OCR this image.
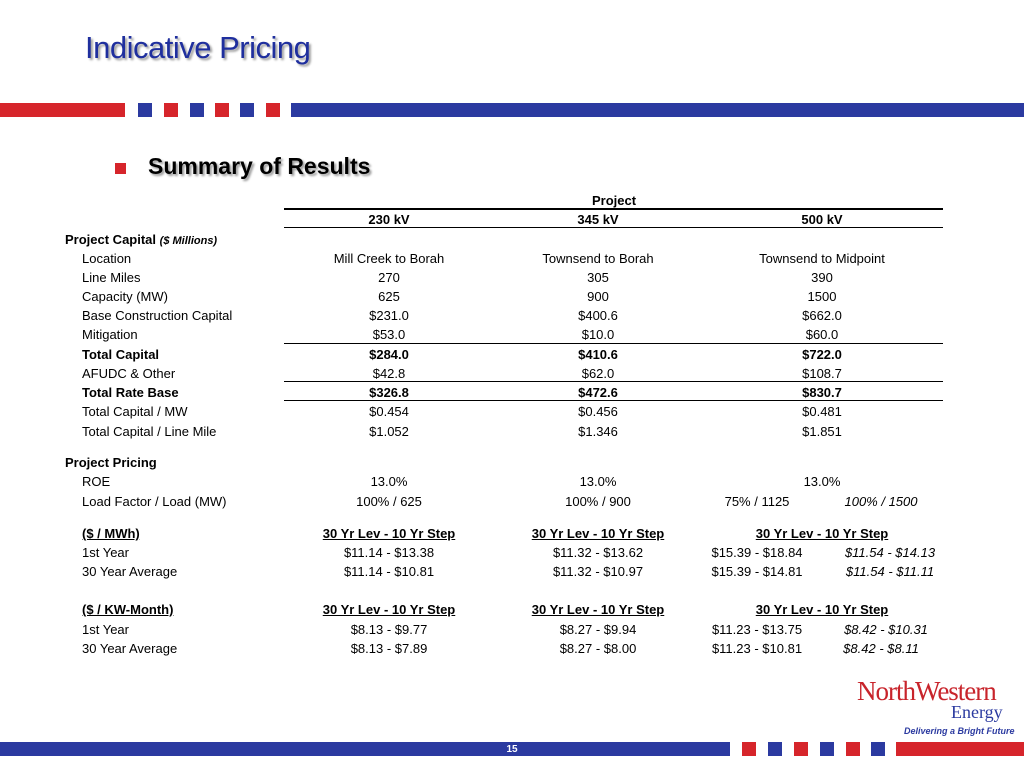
Indicative Pricing
Summary of Results
Project
230 kV	345 kV	500 kV
Project Capital ($ Millions)
Location	Mill Creek to Borah	Townsend to Borah	Townsend to Midpoint
Line Miles	270	305	390
Capacity (MW)	625	900	1500
Base Construction Capital	$231.0	$400.6	$662.0
Mitigation	$53.0	$10.0	$60.0
Total Capital	$284.0	$410.6	$722.0
AFUDC & Other	$42.8	$62.0	$108.7
Total Rate Base	$326.8	$472.6	$830.7
Total Capital / MW	$0.454	$0.456	$0.481
Total Capital / Line Mile	$1.052	$1.346	$1.851
Project Pricing
ROE	13.0%	13.0%	13.0%
Load Factor / Load (MW)	100% / 625	100% / 900	75% / 1125	100% / 1500
($ / MWh)	30 Yr Lev - 10 Yr Step	30 Yr Lev - 10 Yr Step	30 Yr Lev - 10 Yr Step
1st Year	$11.14 - $13.38	$11.32 - $13.62	$15.39 - $18.84	$11.54 - $14.13
30 Year Average	$11.14 - $10.81	$11.32 - $10.97	$15.39 - $14.81	$11.54 - $11.11
($ / KW-Month)	30 Yr Lev - 10 Yr Step	30 Yr Lev - 10 Yr Step	30 Yr Lev - 10 Yr Step
1st Year	$8.13 - $9.77	$8.27 - $9.94	$11.23 - $13.75	$8.42 - $10.31
30 Year Average	$8.13 - $7.89	$8.27 - $8.00	$11.23 - $10.81	$8.42 - $8.11
NorthWestern
Energy
Delivering a Bright Future
15
